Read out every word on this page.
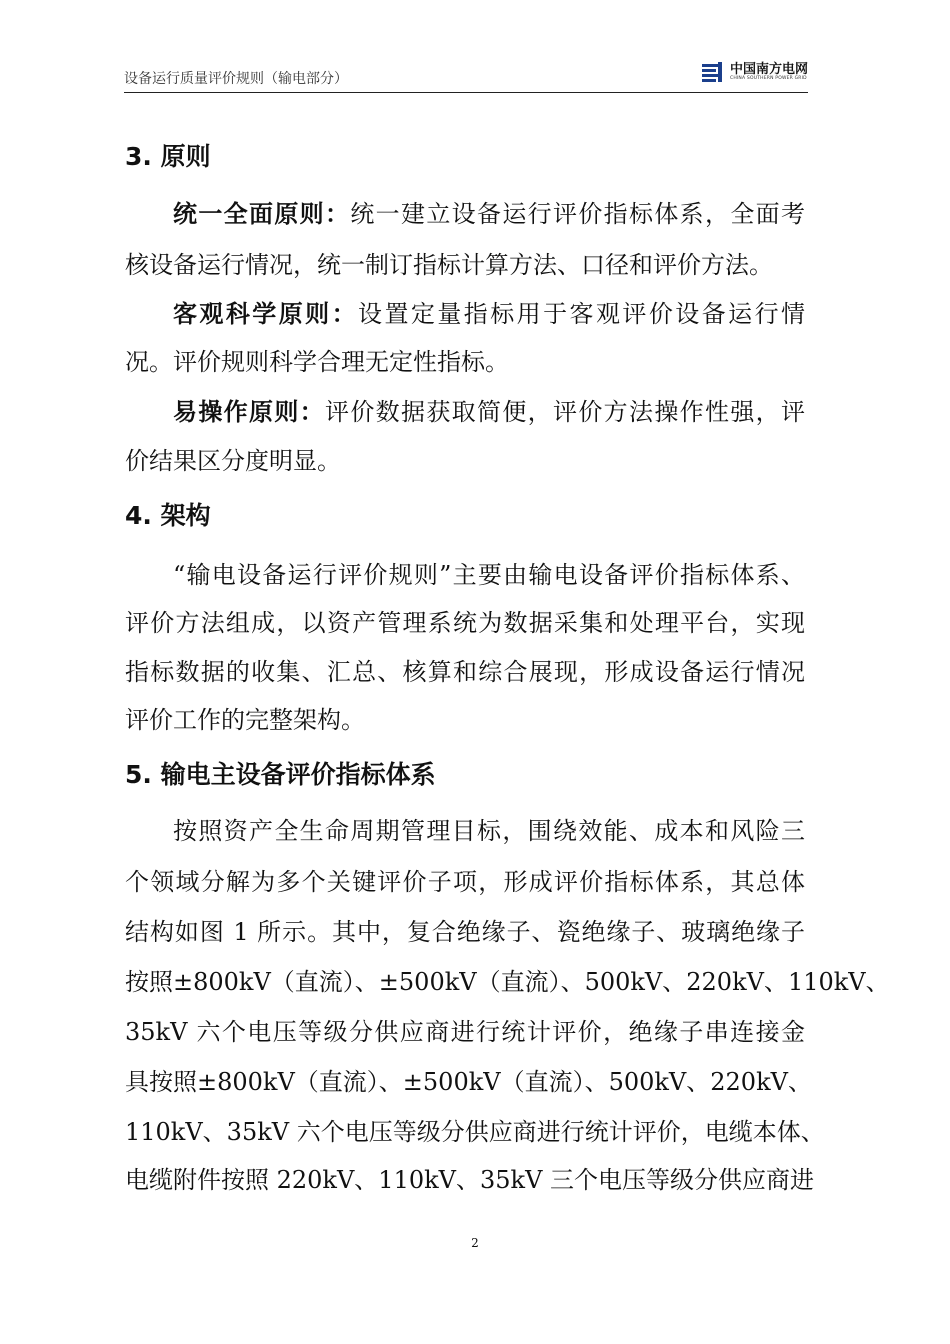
设备运行质量评价规则（输电部分）
中国南方电网
CHINA SOUTHERN POWER GRID
3. 原则
统一全面原则：统一建立设备运行评价指标体系，全面考
核设备运行情况，统一制订指标计算方法、口径和评价方法。
客观科学原则：设置定量指标用于客观评价设备运行情
况。评价规则科学合理无定性指标。
易操作原则：评价数据获取简便，评价方法操作性强，评
价结果区分度明显。
4. 架构
“输电设备运行评价规则”主要由输电设备评价指标体系、
评价方法组成，以资产管理系统为数据采集和处理平台，实现
指标数据的收集、汇总、核算和综合展现，形成设备运行情况
评价工作的完整架构。
5. 输电主设备评价指标体系
按照资产全生命周期管理目标，围绕效能、成本和风险三
个领域分解为多个关键评价子项，形成评价指标体系，其总体
结构如图 1 所示。其中，复合绝缘子、瓷绝缘子、玻璃绝缘子
按照±800kV（直流）、±500kV（直流）、500kV、220kV、110kV、
35kV 六个电压等级分供应商进行统计评价，绝缘子串连接金
具按照±800kV（直流）、±500kV（直流）、500kV、220kV、
110kV、35kV 六个电压等级分供应商进行统计评价，电缆本体、
电缆附件按照 220kV、110kV、35kV 三个电压等级分供应商进
2
